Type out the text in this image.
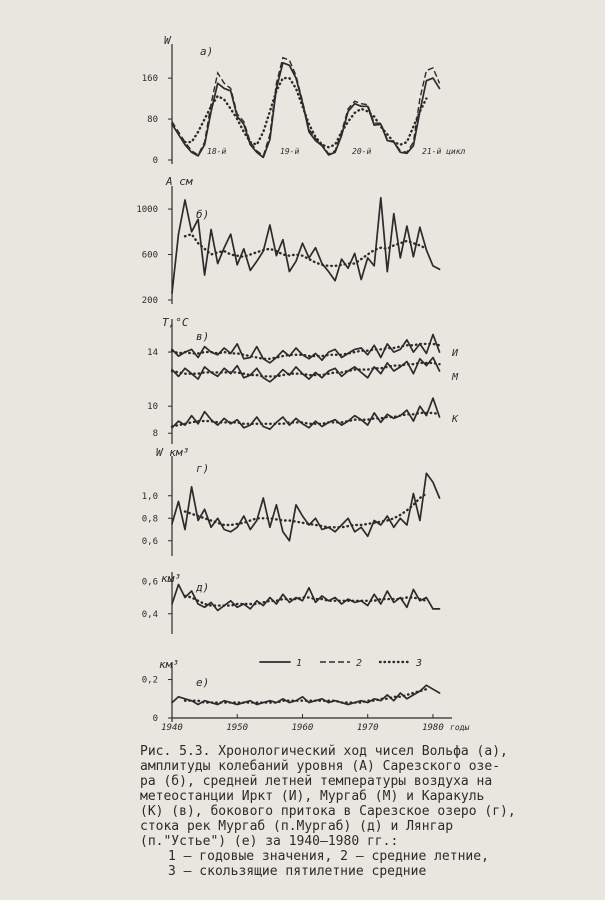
0
80
160
W
а)
18-й	19-й	20-й	21-й цикл
200
600
1000
A см
б)
8
10
14
T,°C
в)
И
М
К
0,6
0,8
1,0
W км³
г)
0,4
0,6 км³
д)
0
0,2
км³
е)
1940	1950	1960	1970	1980 годы
1	2	3
Рис. 5.3. Хронологический ход чисел Вольфа (а),
амплитуды колебаний уровня (А) Сарезского озе-
ра (б), средней летней температуры воздуха на
метеостанции Иркт (И), Мургаб (М) и Каракуль
(К) (в), бокового притока в Сарезское озеро (г),
стока рек Мургаб (п.Мургаб) (д) и Лянгар
(п."Устье") (е) за 1940–1980 гг.:
1 – годовые значения, 2 – средние летние,
3 – скользящие пятилетние средние
